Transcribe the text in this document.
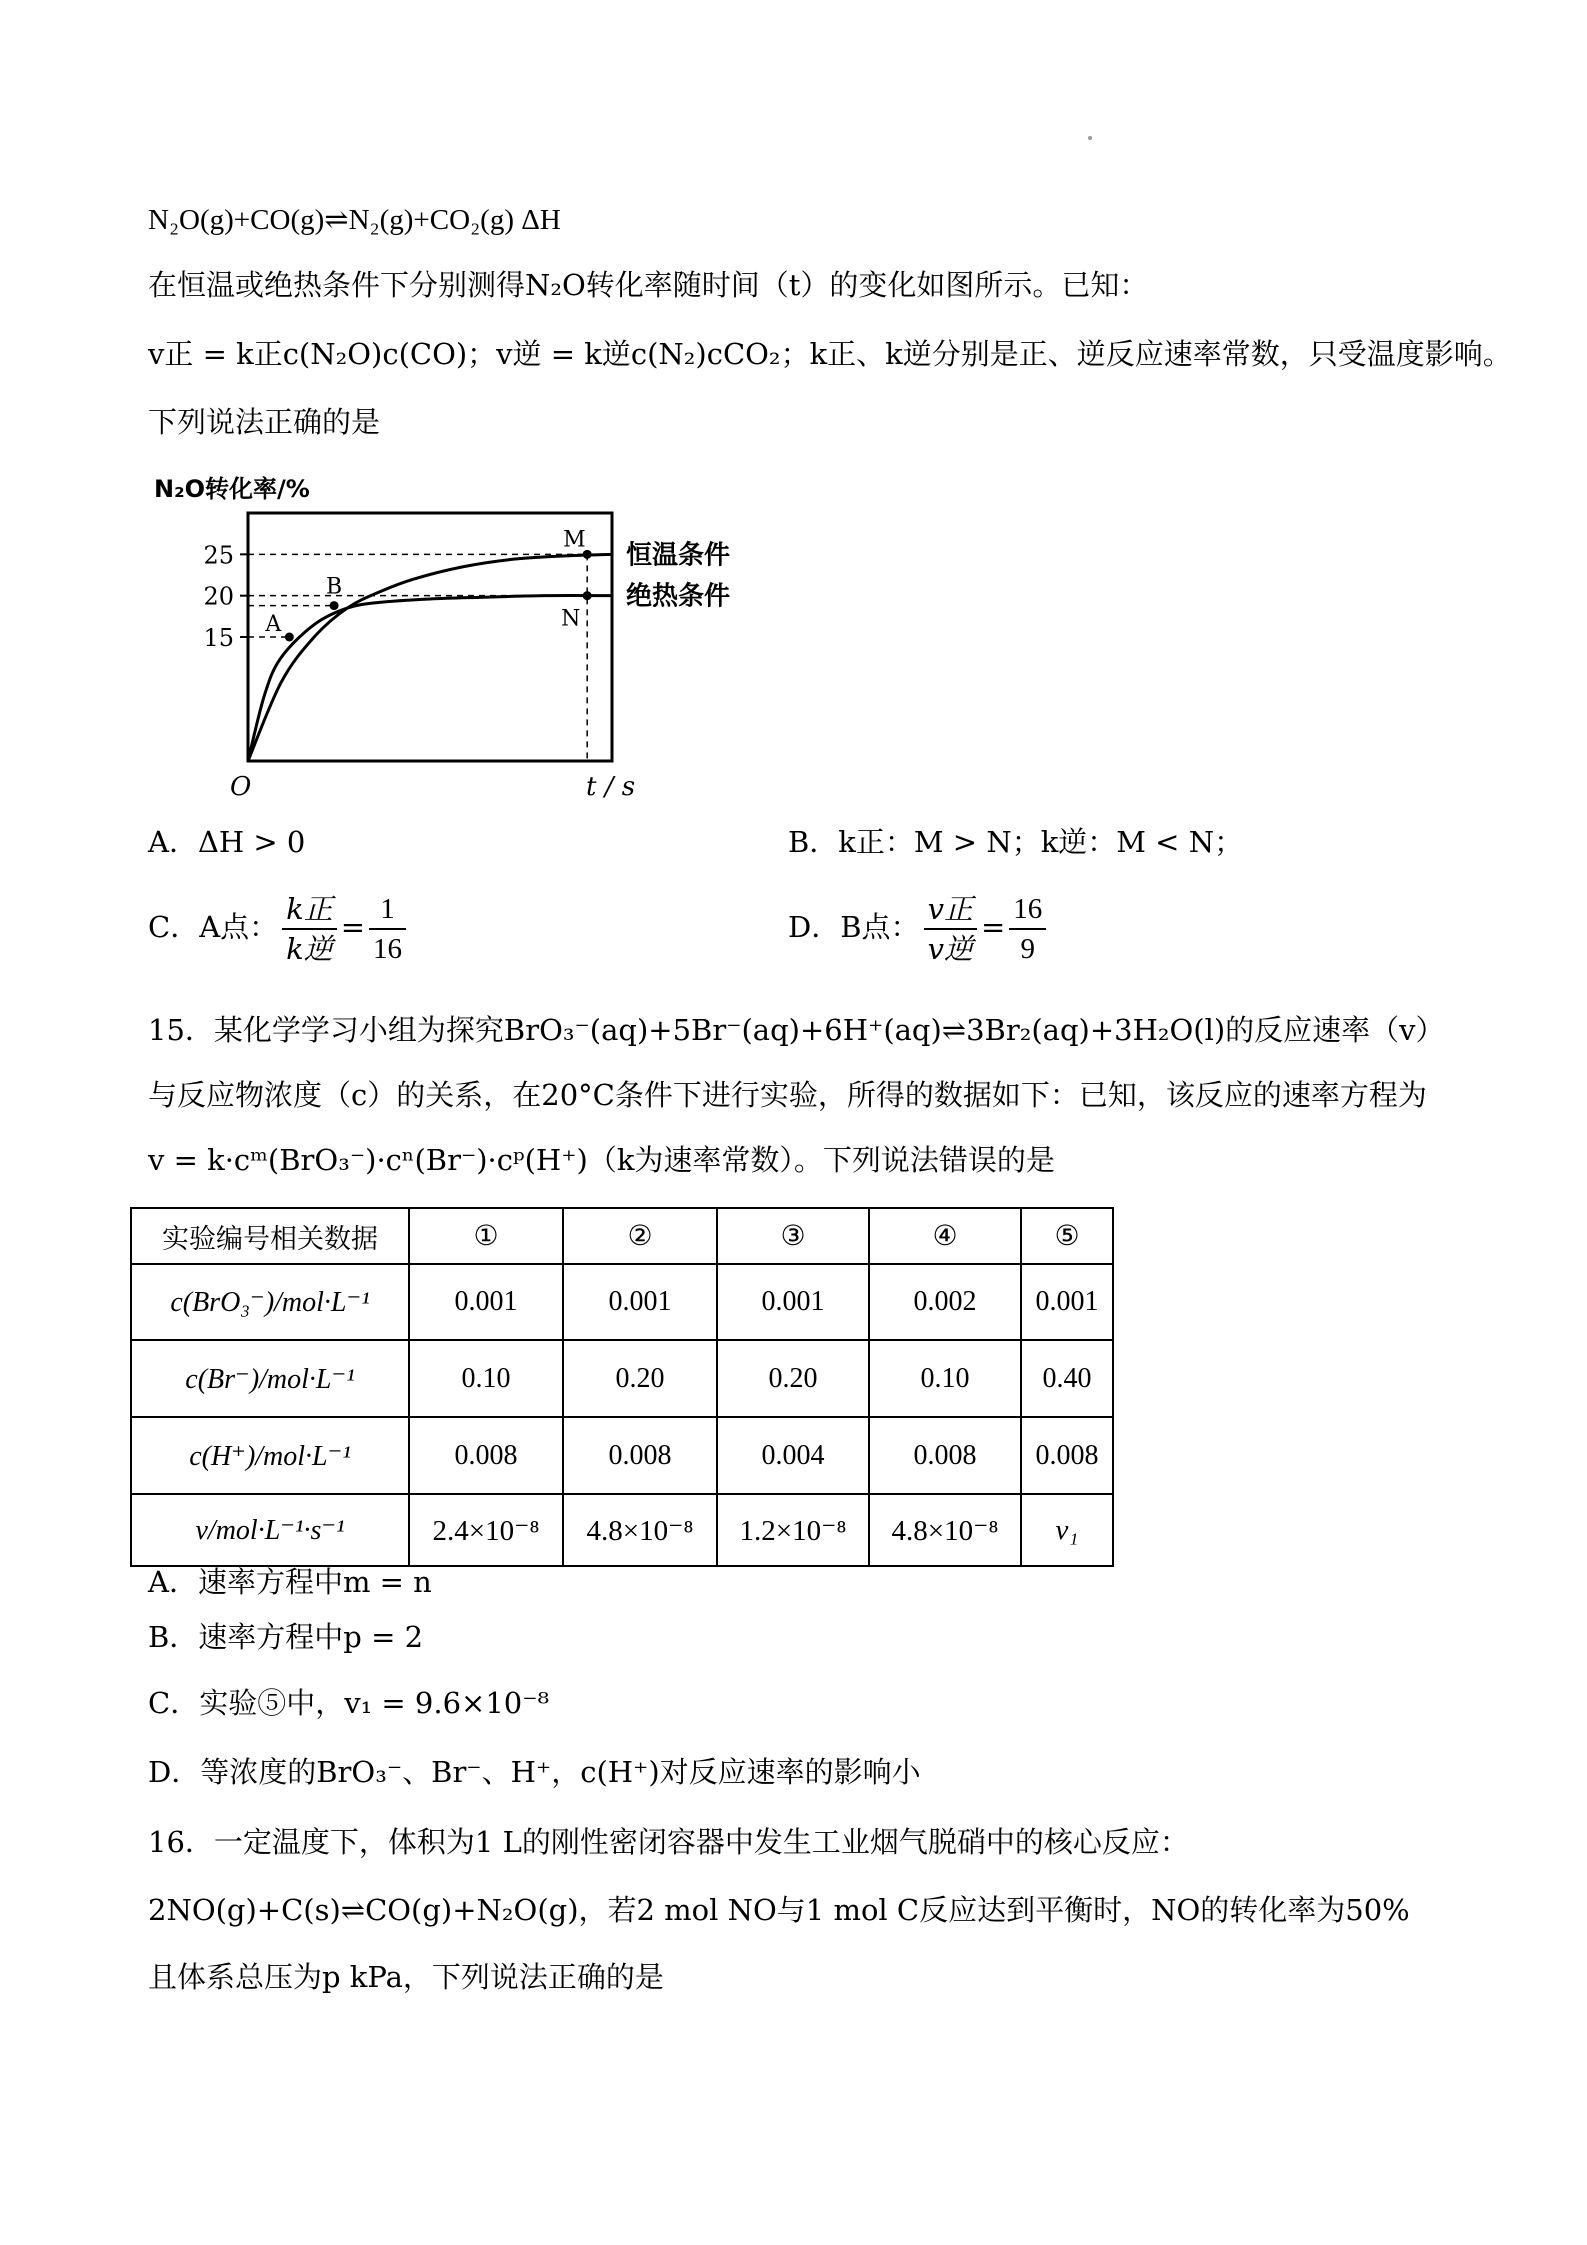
N₂O(g)+CO(g)⇌N₂(g)+CO₂(g) ΔH
在恒温或绝热条件下分别测得N₂O转化率随时间（t）的变化如图所示。已知：
v正 = k正c(N₂O)c(CO)；v逆 = k逆c(N₂)cCO₂；k正、k逆分别是正、逆反应速率常数，只受温度影响。
下列说法正确的是
N₂O转化率/%
25
20
15
恒温条件
绝热条件
A
B
M
N
O	t / s
A．ΔH > 0	B．k正：M > N；k逆：M < N；
C．A点： $\frac{\text{k正}}{\text{k逆}} = \frac{1}{16}$	D．B点： $\frac{\text{v正}}{\text{v逆}} = \frac{16}{9}$
15．某化学学习小组为探究BrO₃⁻(aq)+5Br⁻(aq)+6H⁺(aq)⇌3Br₂(aq)+3H₂O(l)的反应速率（v）
与反应物浓度（c）的关系，在20°C条件下进行实验，所得的数据如下：已知，该反应的速率方程为
v = k·cᵐ(BrO₃⁻)·cⁿ(Br⁻)·cᵖ(H⁺)（k为速率常数）。下列说法错误的是
实验编号相关数据	①	②	③	④	⑤
c(BrO₃⁻)/mol·L⁻¹	0.001	0.001	0.001	0.002	0.001
c(Br⁻)/mol·L⁻¹	0.10	0.20	0.20	0.10	0.40
c(H⁺)/mol·L⁻¹	0.008	0.008	0.004	0.008	0.008
v/mol·L⁻¹·s⁻¹	2.4×10⁻⁸	4.8×10⁻⁸	1.2×10⁻⁸	4.8×10⁻⁸	v₁
A．速率方程中m = n
B．速率方程中p = 2
C．实验⑤中，v₁ = 9.6×10⁻⁸
D．等浓度的BrO₃⁻、Br⁻、H⁺，c(H⁺)对反应速率的影响小
16．一定温度下，体积为1 L的刚性密闭容器中发生工业烟气脱硝中的核心反应：
2NO(g)+C(s)⇌CO(g)+N₂O(g)，若2 mol NO与1 mol C反应达到平衡时，NO的转化率为50%
且体系总压为p kPa，下列说法正确的是
